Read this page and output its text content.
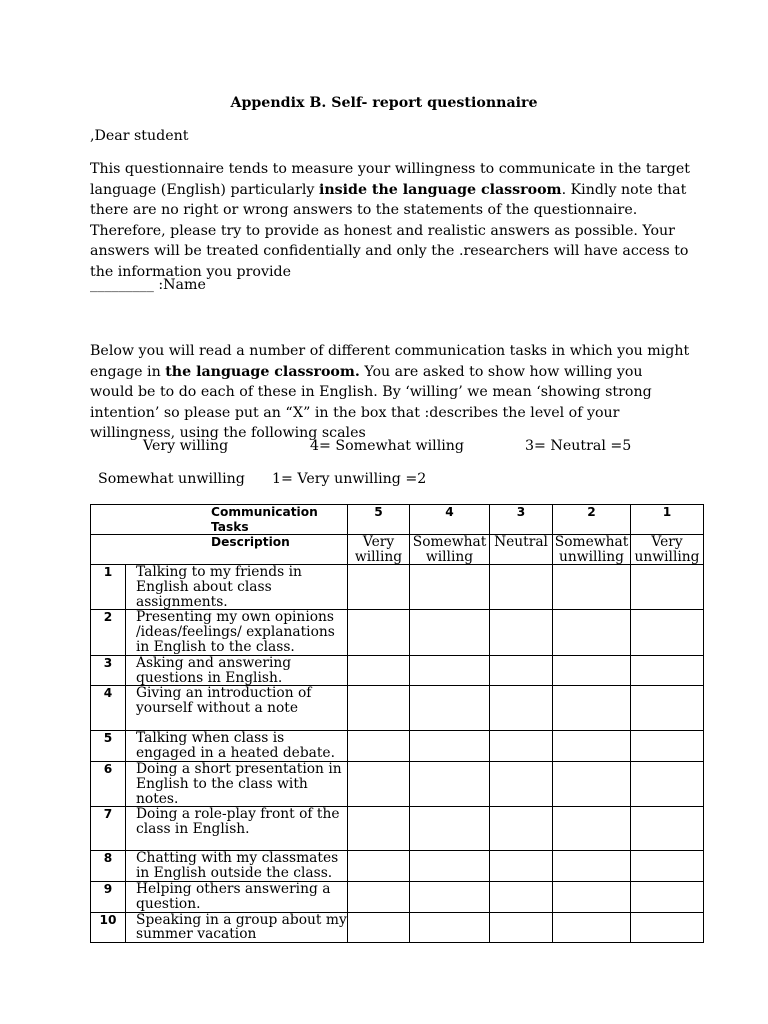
Appendix B. Self- report questionnaire
,Dear student
This questionnaire tends to measure your willingness to communicate in the target language (English) particularly inside the language classroom. Kindly note that there are no right or wrong answers to the statements of the questionnaire. Therefore, please try to provide as honest and realistic answers as possible. Your answers will be treated confidentially and only the .researchers will have access to the information you provide
_________ :Name
Below you will read a number of different communication tasks in which you might engage in the language classroom. You are asked to show how willing you would be to do each of these in English. By ‘willing’ we mean ‘showing strong intention’ so please put an “X” in the box that :describes the level of your willingness, using the following scales
Very willing	4= Somewhat willing	3= Neutral =5
Somewhat unwilling 1= Very unwilling =2
Communication Tasks		5	4	3	2	1
Description		Very willing	Somewhat willing	Neutral	Somewhat unwilling	Very unwilling
1	Talking to my friends in English about class assignments.					
2	Presenting my own opinions /ideas/feelings/ explanations in English to the class.					
3	Asking and answering questions in English.					
4	Giving an introduction of yourself without a note					
5	Talking when class is engaged in a heated debate.					
6	Doing a short presentation in English to the class with notes.					
7	Doing a role-play front of the class in English.					
8	Chatting with my classmates in English outside the class.					
9	Helping others answering a question.					
10	Speaking in a group about my summer vacation					
